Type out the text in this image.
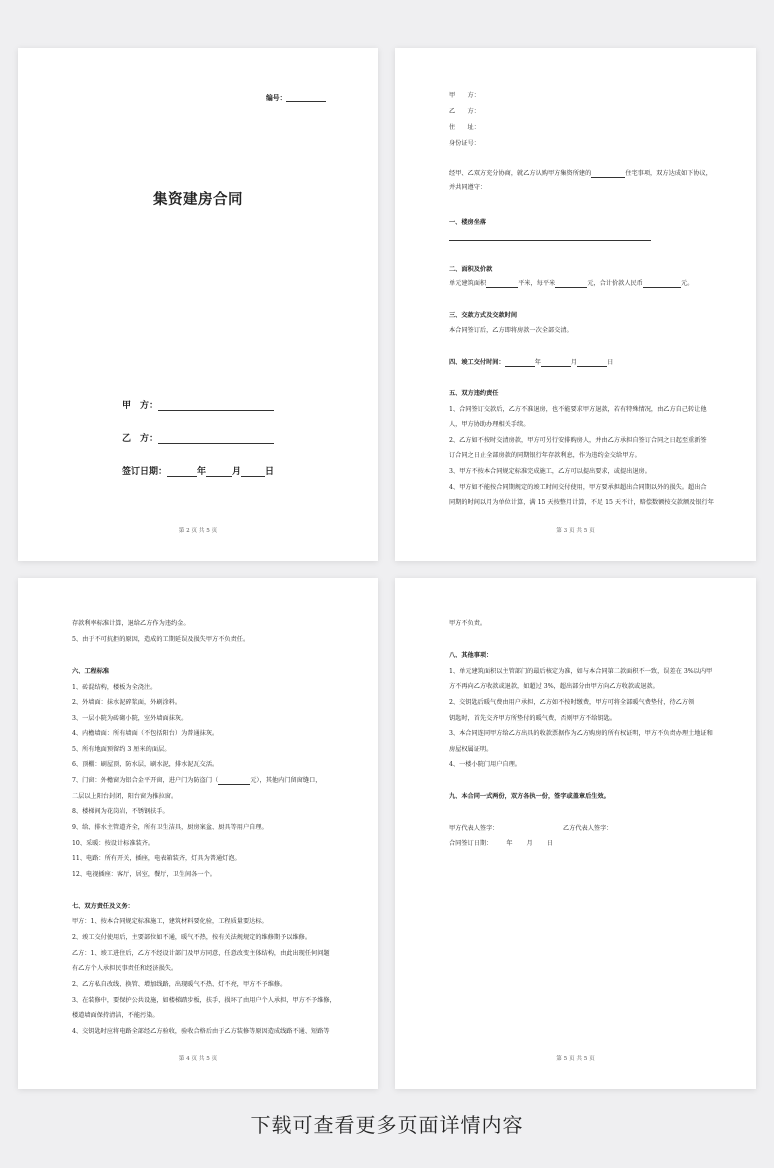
编号：
集资建房合同
甲　方：
乙　方：
签订日期：	年	月	日
第 2 页 共 5 页
甲　　方：
乙　　方：
住　　址：
身份证号：
经甲、乙双方充分协商，就乙方认购甲方集资所建的	住宅事项，双方达成如下协议，
并共同遵守：
一、楼房坐落
二、面积及价款
单元建筑面积	平米，每平米	元，合计价款人民币	元。
三、交款方式及交款时间
本合同签订后，乙方即将房款一次全部交清。
四、竣工交付时间：	年	月	日
五、双方违约责任
1、合同签订交款后，乙方不准退房，也不能要求甲方退款，若有特殊情况，由乙方自己转让他
人，甲方协助办理相关手续。
2、乙方如不按时交清房款，甲方可另行安排购房人，并由乙方承担自签订合同之日起至重新签
订合同之日止全部房款的同期银行年存款利息，作为违约金交给甲方。
3、甲方不按本合同规定标准完成施工，乙方可以提出要求，或提出退房。
4、甲方如不能按合同期规定的竣工时间交付使用，甲方要承担超出合同期以外的损失。超出合
同期的时间以月为单位计算，满 15 天按整月计算，不足 15 天不计，赔偿数额按交款额及银行年
第 3 页 共 5 页
存款利率标准计算，退给乙方作为违约金。
5、由于不可抗拒的原因，造成的工期延误及损失甲方不负责任。
六、工程标准
1、砖混结构，楼板为全浇注。
2、外墙面：抹水泥碎浆面，外刷涂料。
3、一层小院为砖砌小院，室外墙面抹灰。
4、内檐墙面：所有墙面（不包括阳台）为普通抹灰。
5、所有地面预留约 3 厘米的面层。
6、顶棚：刷屋顶，防水层，刷水泥，排水泥瓦交活。
7、门窗：外檐窗为铝合金平开窗，进户门为防盗门（	元），其他内门留窗缝口，
二层以上阳台封闭，阳台窗为推拉窗。
8、楼梯间为花岗岩，不锈钢扶手。
9、给、排水主管道齐全，所有卫生洁具，厨房案盆、厨具等用户自理。
10、采暖：按设计标准装齐。
11、电路：所有开关，插座，电表箱装齐，灯具为普通灯泡。
12、电视插座：客厅，居室，餐厅，卫生间各一个。
七、双方责任及义务：
甲方：1、按本合同规定标准施工，建筑材料要化验，工程质量要达标。
2、竣工交付使用后，主要部位如不通，暖气不热，按有关法规规定的维修期予以维修。
乙方：1、竣工进住后，乙方不经设计部门及甲方同意，任意改变主体结构，由此出现任何问题
有乙方个人承担民事责任和经济损失。
2、乙方私自改线、换管、增加线路，出现暖气不热、灯不亮，甲方不予维修。
3、在装修中，要保护公共设施，如楼梯踏步板，扶手，损坏了由用户个人承担，甲方不予维修，
楼道墙面保持清洁，不能污染。
4、交钥匙时应将电路全部经乙方验收，验收合格后由于乙方装修等原因造成线路不通、短路等
第 4 页 共 5 页
甲方不负责。
八、其他事项：
1、单元建筑面积以主管部门的最后核定为准，如与本合同第二款面积不一致，误差在 3%以内甲
方不再向乙方收款或退款，如超过 3%，超出部分由甲方向乙方收款或退款。
2、交钥匙后暖气费由用户承担，乙方如不按时缴费，甲方可将全部暖气费垫付，待乙方领
钥匙时，首先交齐甲方所垫付的暖气费，否则甲方不给钥匙。
3、本合同连同甲方给乙方出具的收款票据作为乙方购房的所有权证明，甲方不负责办理土地证和
房屋权属证明。
4、一楼小院门用户自理。
九、本合同一式两份，双方各执一份，签字或盖章后生效。
甲方代表人签字：	乙方代表人签字：
合同签订日期： 年 月 日
第 5 页 共 5 页
下载可查看更多页面详情内容
